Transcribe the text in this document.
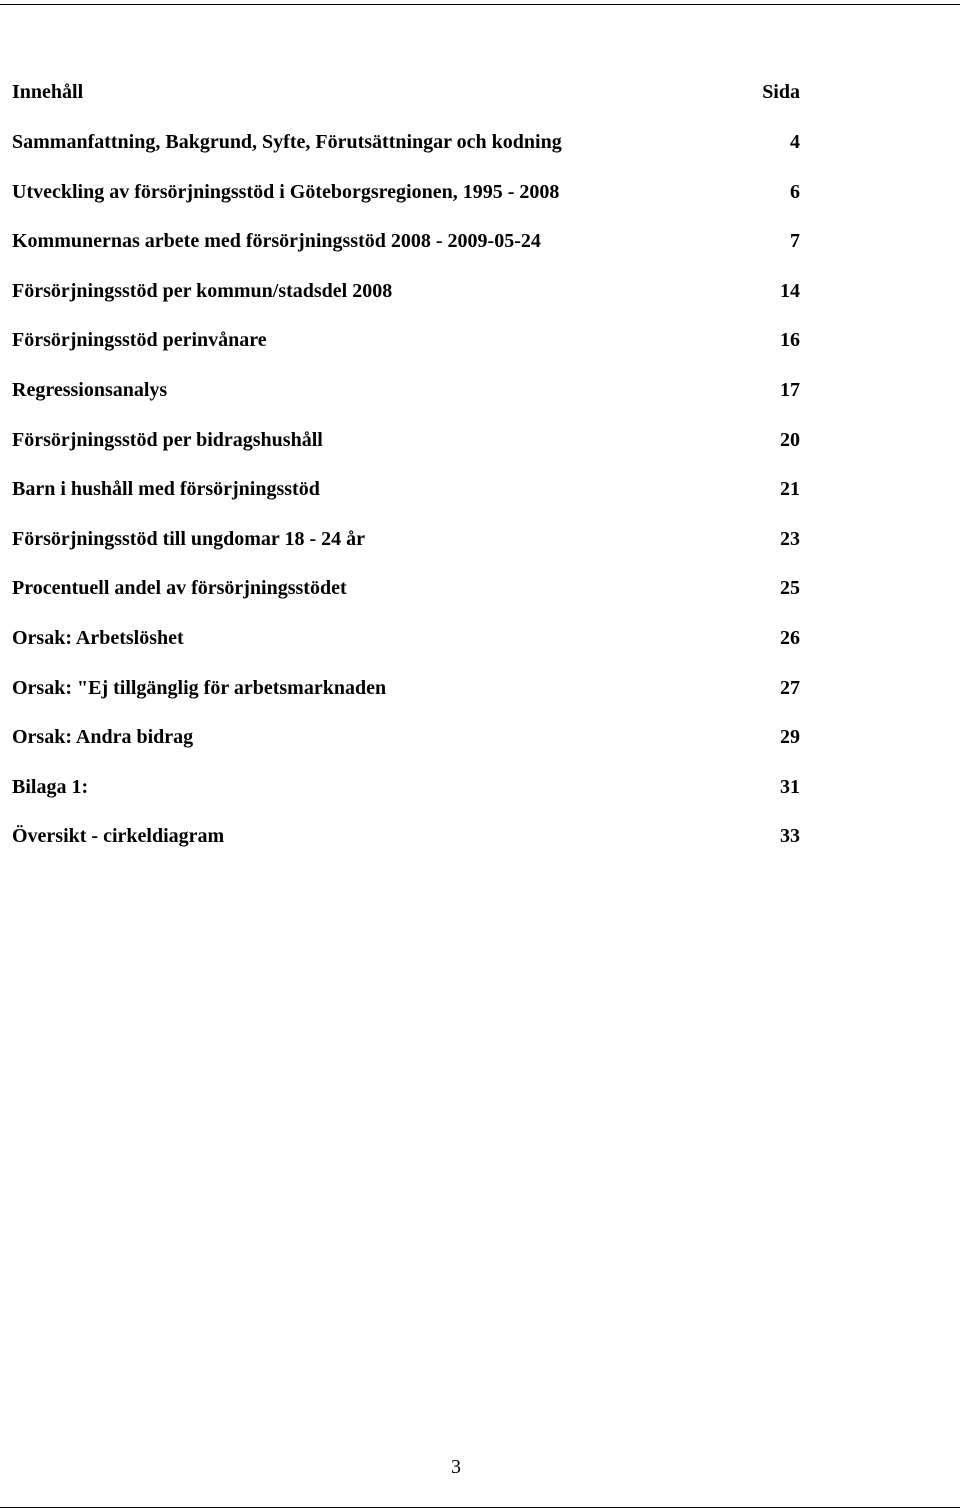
Innehåll	Sida
Sammanfattning, Bakgrund, Syfte, Förutsättningar och kodning	4
Utveckling av försörjningsstöd i Göteborgsregionen, 1995 - 2008	6
Kommunernas arbete med försörjningsstöd 2008 - 2009-05-24	7
Försörjningsstöd per kommun/stadsdel 2008	14
Försörjningsstöd perinvånare	16
Regressionsanalys	17
Försörjningsstöd per bidragshushåll	20
Barn i hushåll med försörjningsstöd	21
Försörjningsstöd till ungdomar 18 - 24 år	23
Procentuell andel av försörjningsstödet	25
Orsak: Arbetslöshet	26
Orsak: "Ej tillgänglig för arbetsmarknaden	27
Orsak: Andra bidrag	29
Bilaga 1:	31
Översikt - cirkeldiagram	33
3
